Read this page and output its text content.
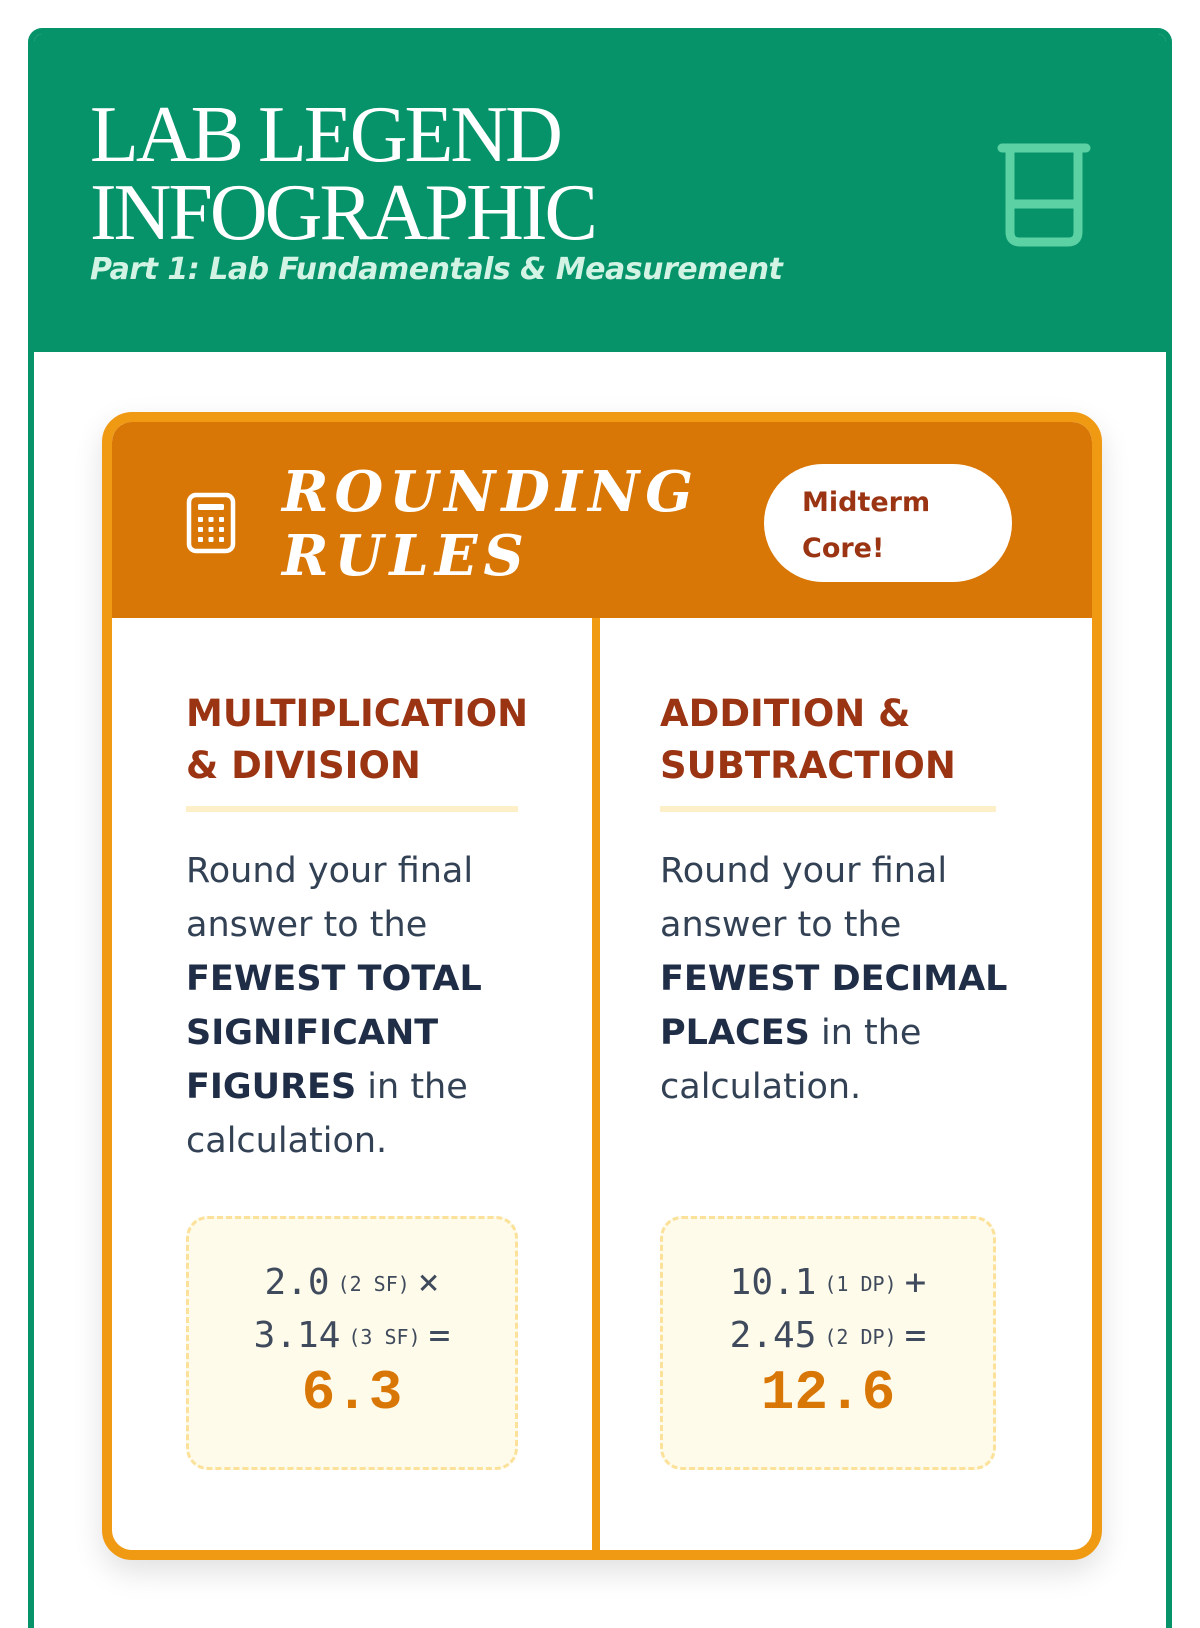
LAB LEGEND
INFOGRAPHIC

Part 1: Lab Fundamentals & Measurement

ROUNDING
RULES
Midterm
Core!
MULTIPLICATION
& DIVISION

Round your final answer to the FEWEST TOTAL SIGNIFICANT FIGURES in the calculation.

2.0 (2 SF) ×
3.14 (3 SF) =
6.3
ADDITION &
SUBTRACTION

Round your final answer to the FEWEST DECIMAL PLACES in the calculation.

10.1 (1 DP) +
2.45 (2 DP) =
12.6
